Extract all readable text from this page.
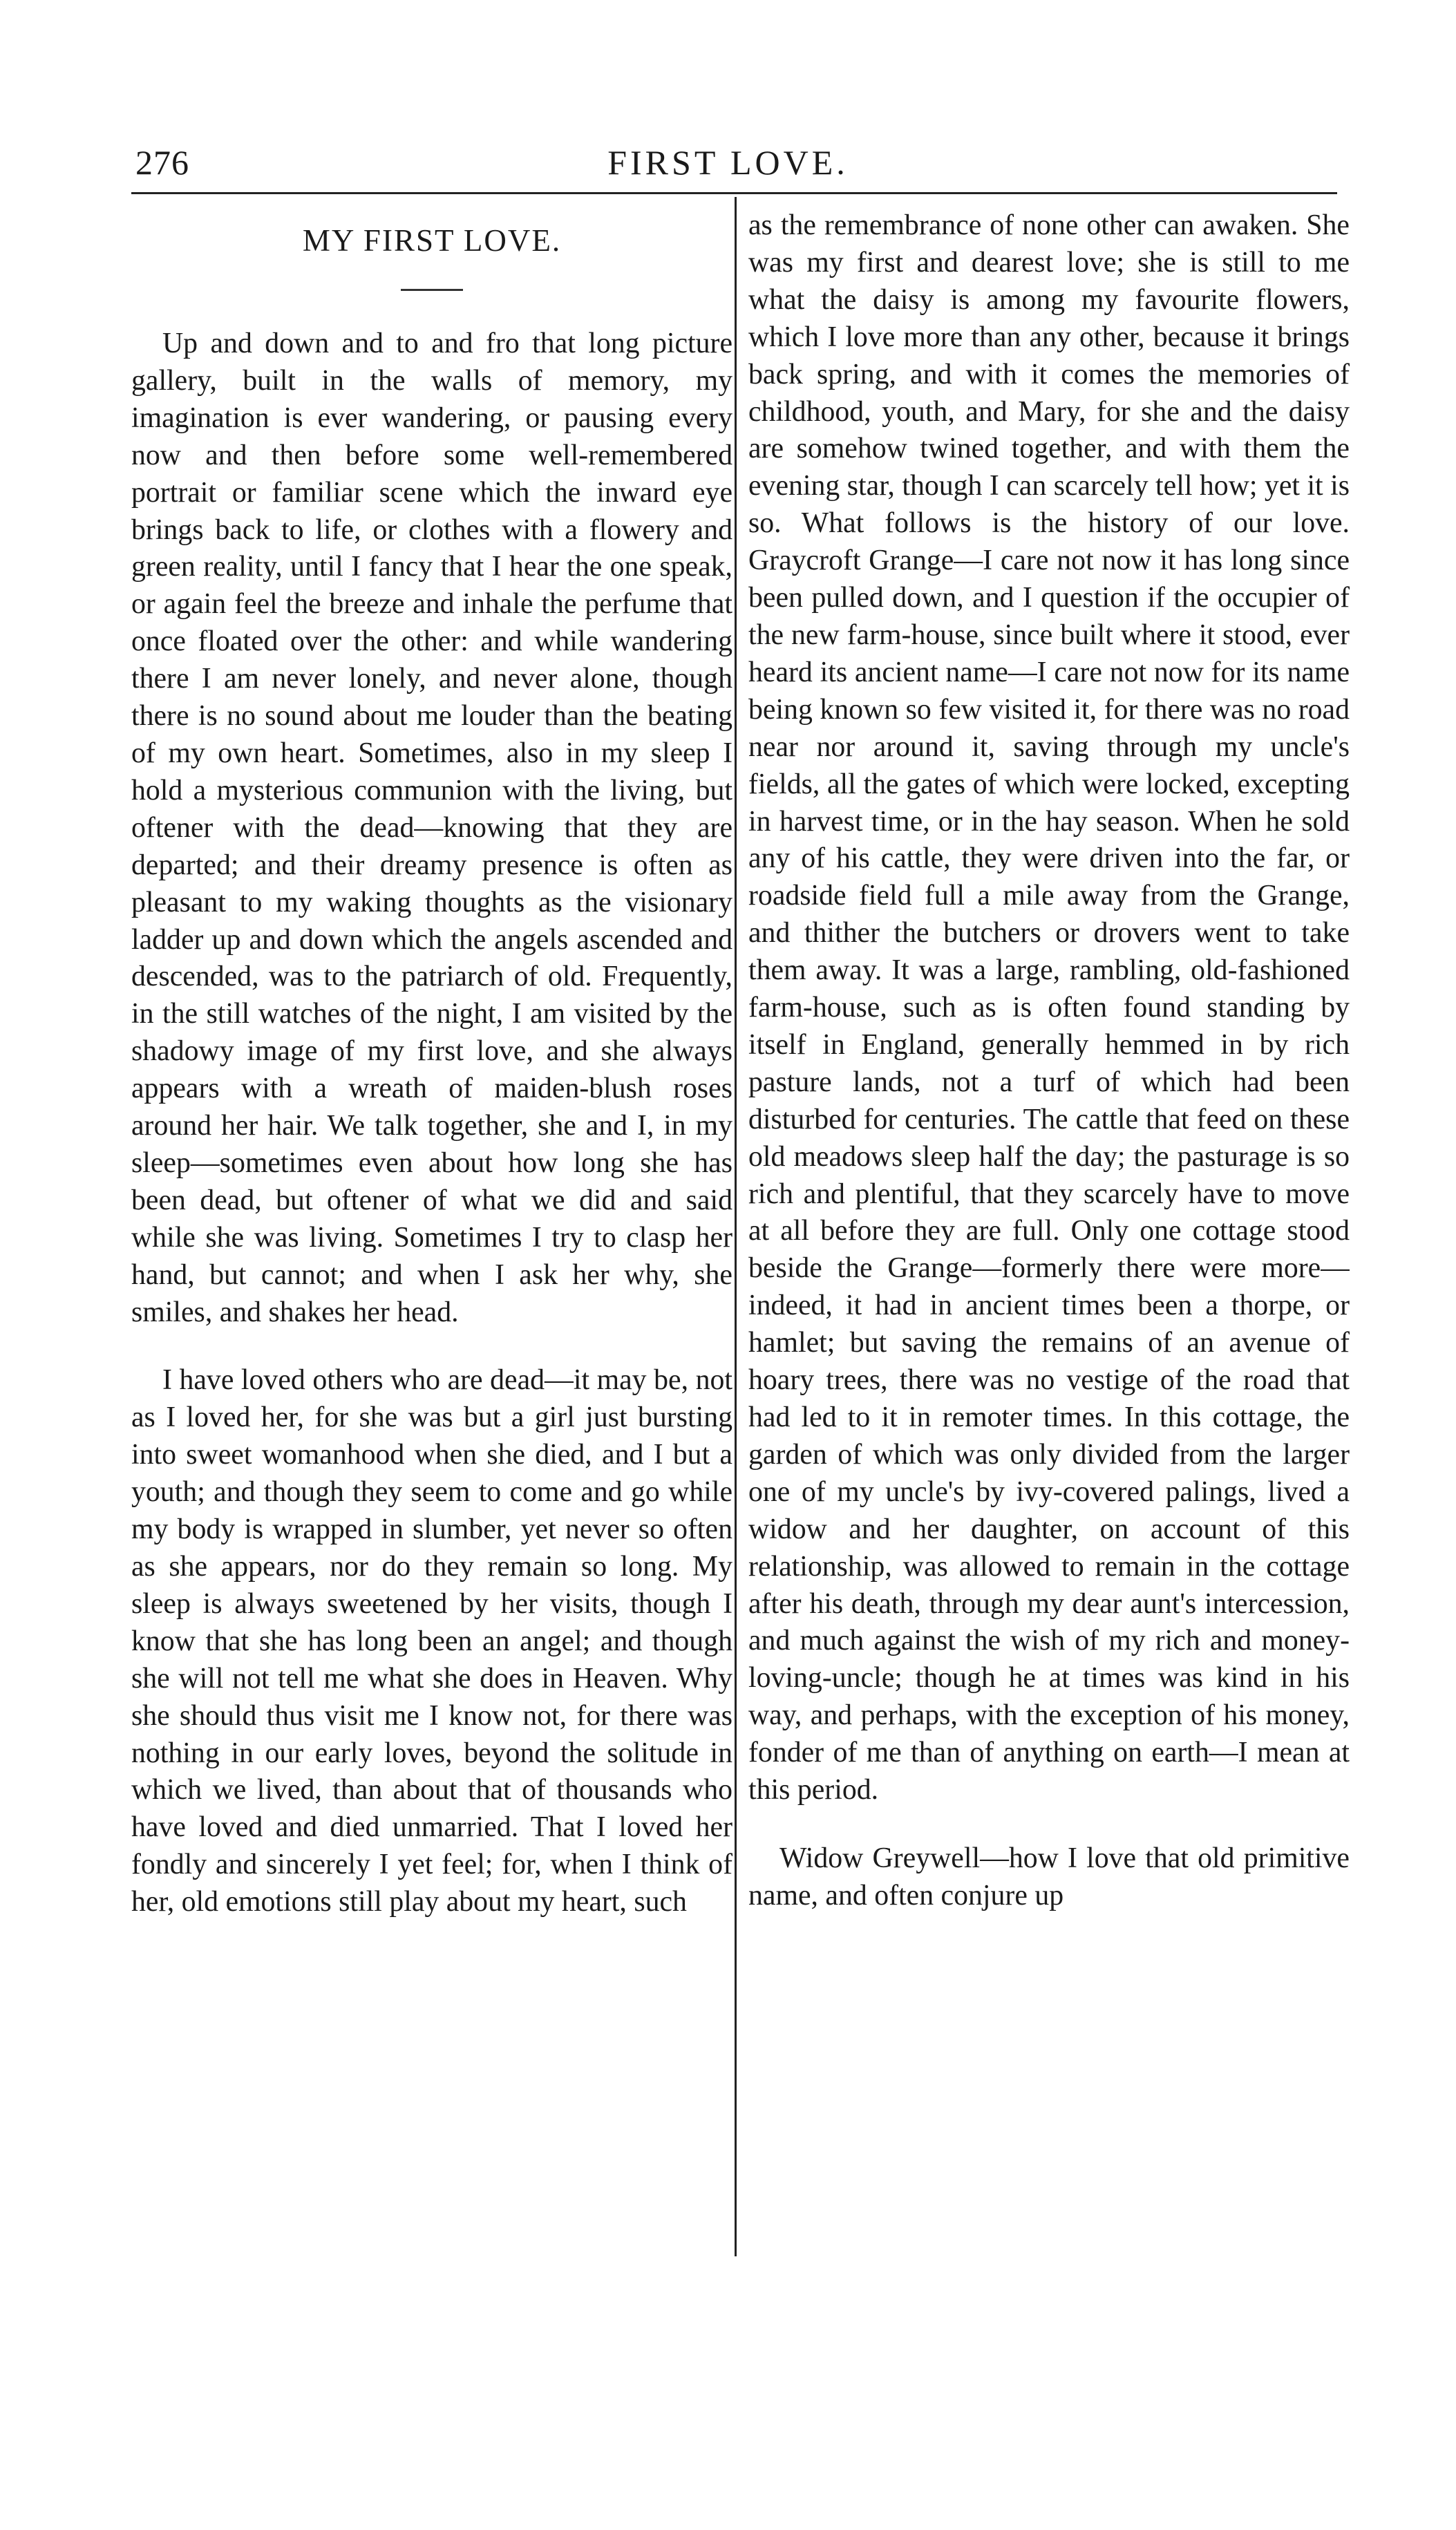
276	FIRST LOVE.
MY FIRST LOVE.

Up and down and to and fro that long picture gallery, built in the walls of memory, my imagination is ever wandering, or pausing every now and then before some well-remembered portrait or familiar scene which the inward eye brings back to life, or clothes with a flowery and green reality, until I fancy that I hear the one speak, or again feel the breeze and inhale the perfume that once floated over the other: and while wandering there I am never lonely, and never alone, though there is no sound about me louder than the beating of my own heart. Sometimes, also in my sleep I hold a mysterious communion with the living, but oftener with the dead—knowing that they are departed; and their dreamy presence is often as pleasant to my waking thoughts as the visionary ladder up and down which the angels ascended and descended, was to the patriarch of old. Frequently, in the still watches of the night, I am visited by the shadowy image of my first love, and she always appears with a wreath of maiden-blush roses around her hair. We talk together, she and I, in my sleep—sometimes even about how long she has been dead, but oftener of what we did and said while she was living. Sometimes I try to clasp her hand, but cannot; and when I ask her why, she smiles, and shakes her head.

I have loved others who are dead—it may be, not as I loved her, for she was but a girl just bursting into sweet womanhood when she died, and I but a youth; and though they seem to come and go while my body is wrapped in slumber, yet never so often as she appears, nor do they remain so long. My sleep is always sweetened by her visits, though I know that she has long been an angel; and though she will not tell me what she does in Heaven. Why she should thus visit me I know not, for there was nothing in our early loves, beyond the solitude in which we lived, than about that of thousands who have loved and died unmarried. That I loved her fondly and sincerely I yet feel; for, when I think of her, old emotions still play about my heart, such

as the remembrance of none other can awaken. She was my first and dearest love; she is still to me what the daisy is among my favourite flowers, which I love more than any other, because it brings back spring, and with it comes the memories of childhood, youth, and Mary, for she and the daisy are somehow twined together, and with them the evening star, though I can scarcely tell how; yet it is so. What follows is the history of our love. Graycroft Grange—I care not now it has long since been pulled down, and I question if the occupier of the new farm-house, since built where it stood, ever heard its ancient name—I care not now for its name being known so few visited it, for there was no road near nor around it, saving through my uncle's fields, all the gates of which were locked, excepting in harvest time, or in the hay season. When he sold any of his cattle, they were driven into the far, or roadside field full a mile away from the Grange, and thither the butchers or drovers went to take them away. It was a large, rambling, old-fashioned farm-house, such as is often found standing by itself in England, generally hemmed in by rich pasture lands, not a turf of which had been disturbed for centuries. The cattle that feed on these old meadows sleep half the day; the pasturage is so rich and plentiful, that they scarcely have to move at all before they are full. Only one cottage stood beside the Grange—formerly there were more—indeed, it had in ancient times been a thorpe, or hamlet; but saving the remains of an avenue of hoary trees, there was no vestige of the road that had led to it in remoter times. In this cottage, the garden of which was only divided from the larger one of my uncle's by ivy-covered palings, lived a widow and her daughter, on account of this relationship, was allowed to remain in the cottage after his death, through my dear aunt's intercession, and much against the wish of my rich and money-loving-uncle; though he at times was kind in his way, and perhaps, with the exception of his money, fonder of me than of anything on earth—I mean at this period.

Widow Greywell—how I love that old primitive name, and often conjure up
